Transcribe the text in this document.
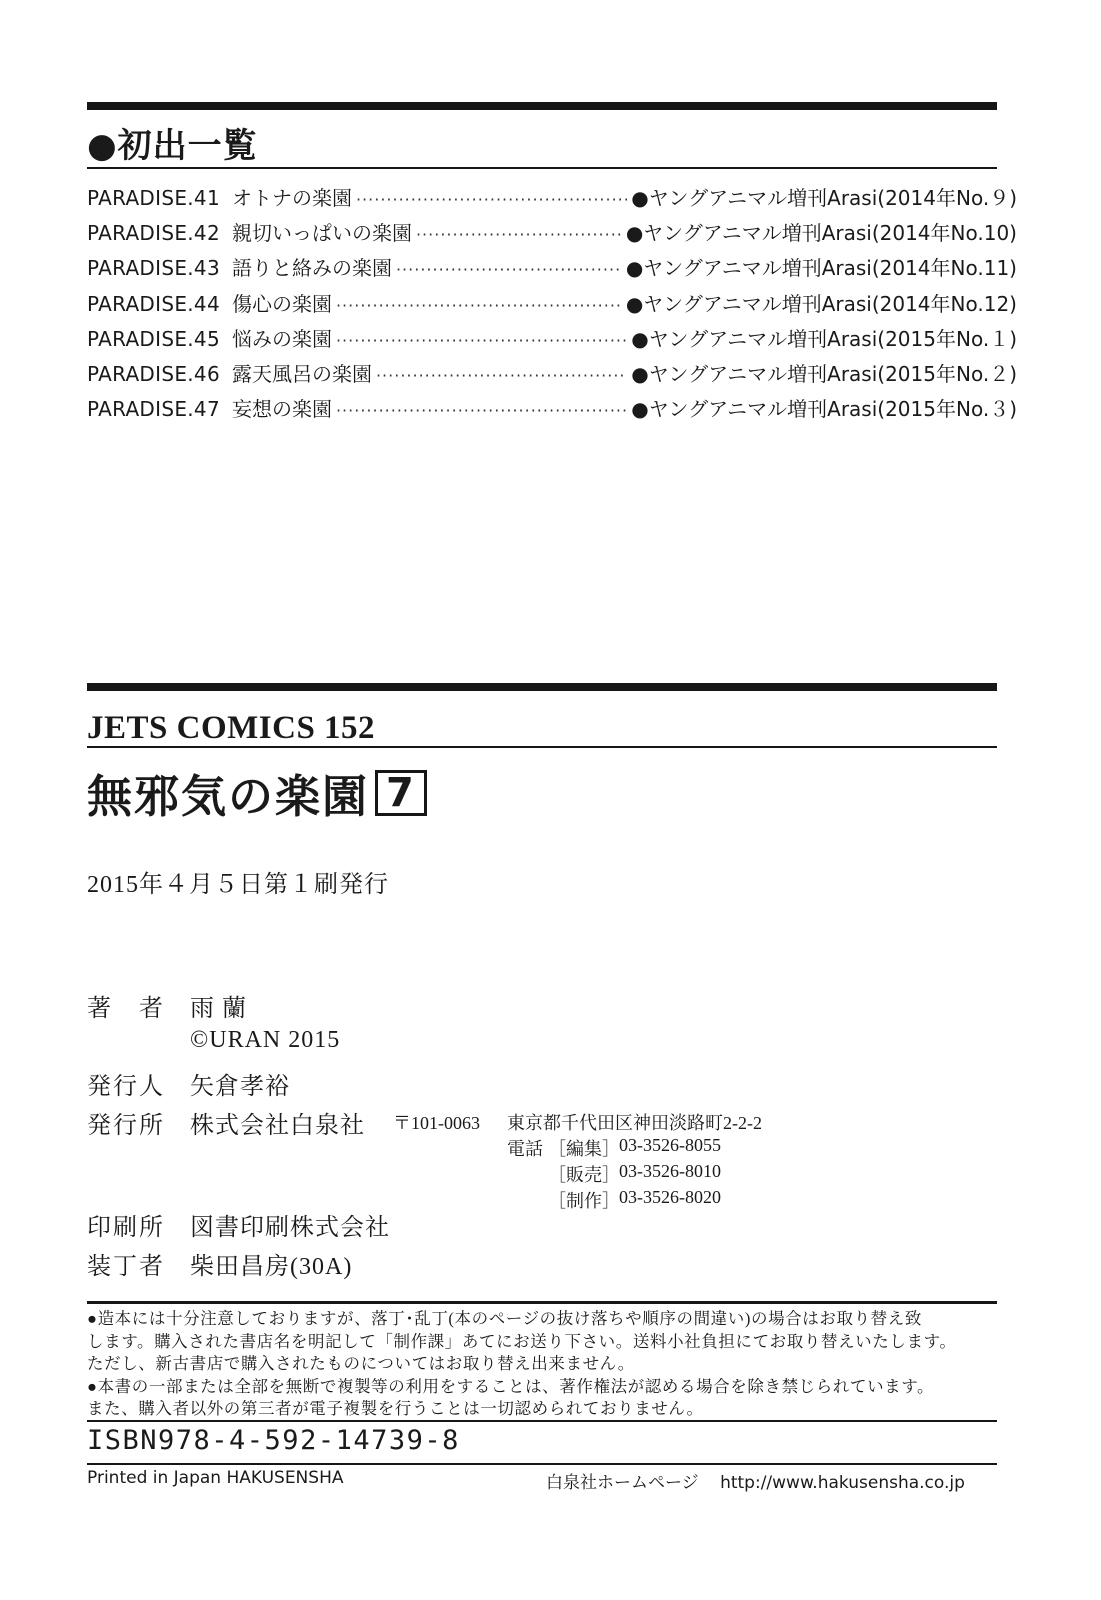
●初出一覧
PARADISE.41 オトナの楽園 ·····	●ヤングアニマル増刊Arasi(2014年No.９)
PARADISE.42 親切いっぱいの楽園 ·····	●ヤングアニマル増刊Arasi(2014年No.10)
PARADISE.43 語りと絡みの楽園 ·····	●ヤングアニマル増刊Arasi(2014年No.11)
PARADISE.44 傷心の楽園 ·····	●ヤングアニマル増刊Arasi(2014年No.12)
PARADISE.45 悩みの楽園 ·····	●ヤングアニマル増刊Arasi(2015年No.１)
PARADISE.46 露天風呂の楽園 ·····	●ヤングアニマル増刊Arasi(2015年No.２)
PARADISE.47 妄想の楽園 ·····	●ヤングアニマル増刊Arasi(2015年No.３)
JETS COMICS 152
無邪気の楽園 7
2015年４月５日第１刷発行
著　者 雨 蘭
©URAN 2015
発行人 矢倉孝裕
発行所 株式会社白泉社 〒101-0063 東京都千代田区神田淡路町2-2-2
電話 ［編集］ 03-3526-8055
［販売］ 03-3526-8010
［制作］ 03-3526-8020
印刷所 図書印刷株式会社
装丁者 柴田昌房(30A)

●造本には十分注意しておりますが、落丁･乱丁(本のページの抜け落ちや順序の間違い)の場合はお取り替え致

します。購入された書店名を明記して「制作課」あてにお送り下さい。送料小社負担にてお取り替えいたします。

ただし、新古書店で購入されたものについてはお取り替え出来ません。

●本書の一部または全部を無断で複製等の利用をすることは、著作権法が認める場合を除き禁じられています。

また、購入者以外の第三者が電子複製を行うことは一切認められておりません。

ISBN978-4-592-14739-8
Printed in Japan HAKUSENSHA	白泉社ホームページ http://www.hakusensha.co.jp
